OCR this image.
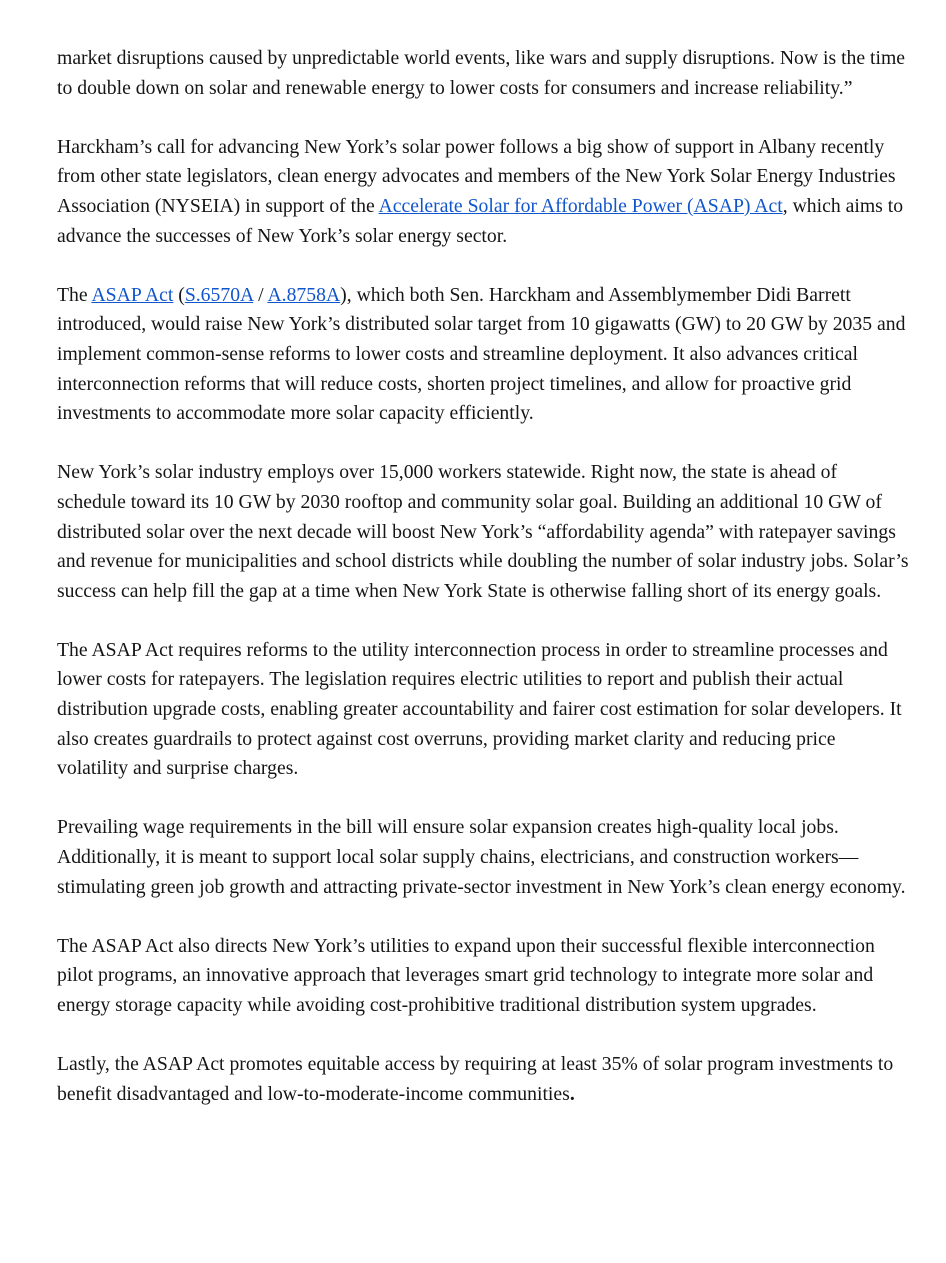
market disruptions caused by unpredictable world events, like wars and supply disruptions. Now is the time to double down on solar and renewable energy to lower costs for consumers and increase reliability.”

Harckham’s call for advancing New York’s solar power follows a big show of support in Albany recently from other state legislators, clean energy advocates and members of the New York Solar Energy Industries Association (NYSEIA) in support of the Accelerate Solar for Affordable Power (ASAP) Act, which aims to advance the successes of New York’s solar energy sector.

The ASAP Act (S.6570A / A.8758A), which both Sen. Harckham and Assemblymember Didi Barrett introduced, would raise New York’s distributed solar target from 10 gigawatts (GW) to 20 GW by 2035 and implement common-sense reforms to lower costs and streamline deployment. It also advances critical interconnection reforms that will reduce costs, shorten project timelines, and allow for proactive grid investments to accommodate more solar capacity efficiently.

New York’s solar industry employs over 15,000 workers statewide. Right now, the state is ahead of schedule toward its 10 GW by 2030 rooftop and community solar goal. Building an additional 10 GW of distributed solar over the next decade will boost New York’s “affordability agenda” with ratepayer savings and revenue for municipalities and school districts while doubling the number of solar industry jobs. Solar’s success can help fill the gap at a time when New York State is otherwise falling short of its energy goals.

The ASAP Act requires reforms to the utility interconnection process in order to streamline processes and lower costs for ratepayers. The legislation requires electric utilities to report and publish their actual distribution upgrade costs, enabling greater accountability and fairer cost estimation for solar developers. It also creates guardrails to protect against cost overruns, providing market clarity and reducing price volatility and surprise charges.

Prevailing wage requirements in the bill will ensure solar expansion creates high-quality local jobs. Additionally, it is meant to support local solar supply chains, electricians, and construction workers—stimulating green job growth and attracting private-sector investment in New York’s clean energy economy.

The ASAP Act also directs New York’s utilities to expand upon their successful flexible interconnection pilot programs, an innovative approach that leverages smart grid technology to integrate more solar and energy storage capacity while avoiding cost-prohibitive traditional distribution system upgrades.

Lastly, the ASAP Act promotes equitable access by requiring at least 35% of solar program investments to benefit disadvantaged and low-to-moderate-income communities.
